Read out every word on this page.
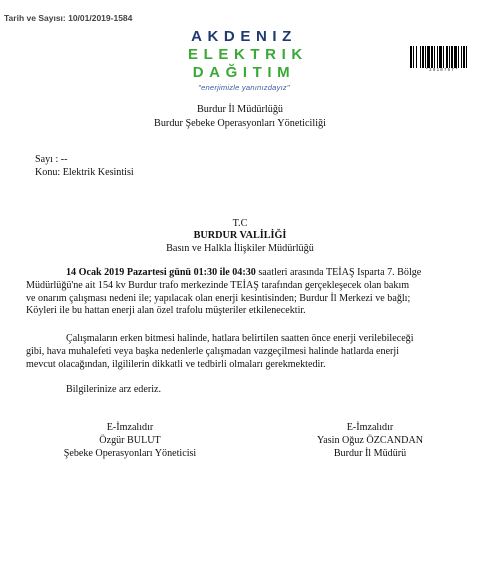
Tarih ve Sayısı: 10/01/2019-1584
AKDENIZ
ELEKTRIK
DAĞITIM
"enerjimizle yanınızdayız"
*2010757*
Burdur İl Müdürlüğü
Burdur Şebeke Operasyonları Yöneticiliği
Sayı : --
Konu: Elektrik Kesintisi
T.C
BURDUR VALİLİĞİ
Basın ve Halkla İlişkiler Müdürlüğü
14 Ocak 2019 Pazartesi günü 01:30 ile 04:30 saatleri arasında TEİAŞ Isparta 7. Bölge
Müdürlüğü'ne ait 154 kv Burdur trafo merkezinde TEİAŞ tarafından gerçekleşecek olan bakım
ve onarım çalışması nedeni ile; yapılacak olan enerji kesintisinden; Burdur İl Merkezi ve bağlı;
Köyleri ile bu hattan enerji alan özel trafolu müşteriler etkilenecektir.
Çalışmaların erken bitmesi halinde, hatlara belirtilen saatten önce enerji verilebileceği
gibi, hava muhalefeti veya başka nedenlerle çalışmadan vazgeçilmesi halinde hatlarda enerji
mevcut olacağından, ilgililerin dikkatli ve tedbirli olmaları gerekmektedir.
Bilgilerinize arz ederiz.
E-İmzalıdır
Özgür BULUT
Şebeke Operasyonları Yöneticisi
E-İmzalıdır
Yasin Oğuz ÖZCANDAN
Burdur İl Müdürü
